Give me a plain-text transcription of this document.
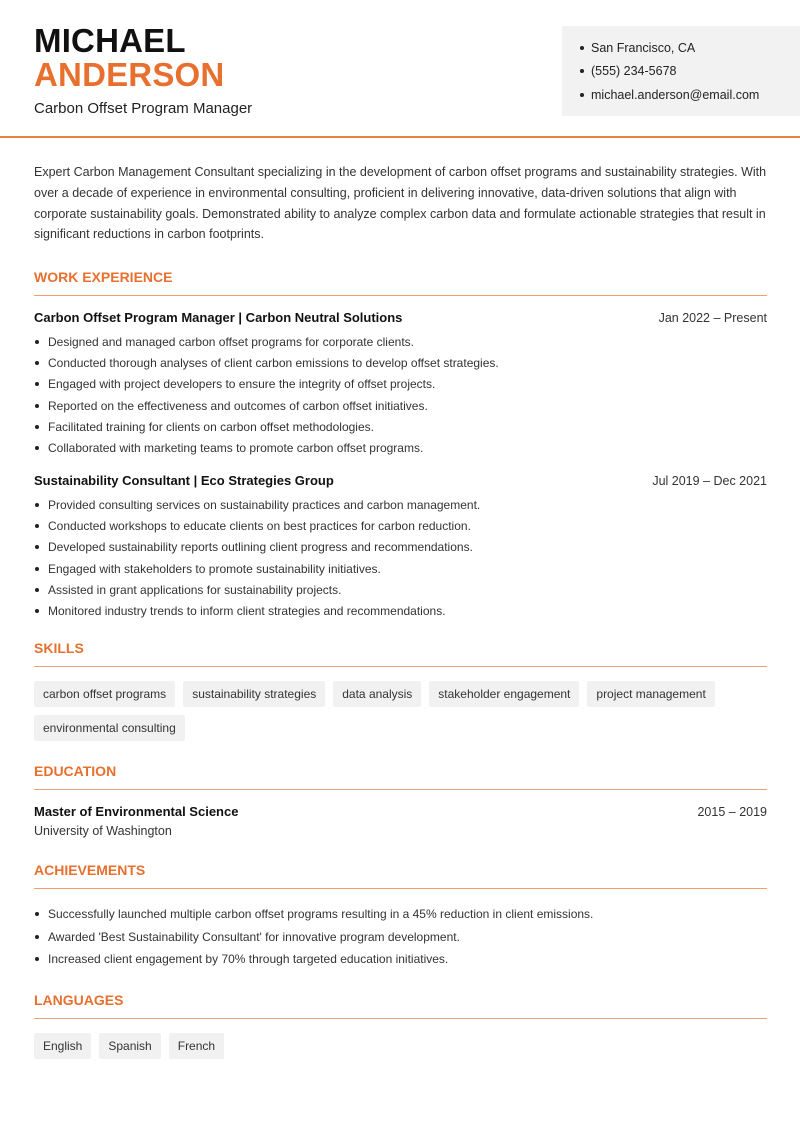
MICHAEL
ANDERSON
Carbon Offset Program Manager
San Francisco, CA
(555) 234-5678
michael.anderson@email.com

Expert Carbon Management Consultant specializing in the development of carbon offset programs and sustainability strategies. With over a decade of experience in environmental consulting, proficient in delivering innovative, data-driven solutions that align with corporate sustainability goals. Demonstrated ability to analyze complex carbon data and formulate actionable strategies that result in significant reductions in carbon footprints.

WORK EXPERIENCE
Carbon Offset Program Manager | Carbon Neutral Solutions	Jan 2022 – Present
Designed and managed carbon offset programs for corporate clients.
Conducted thorough analyses of client carbon emissions to develop offset strategies.
Engaged with project developers to ensure the integrity of offset projects.
Reported on the effectiveness and outcomes of carbon offset initiatives.
Facilitated training for clients on carbon offset methodologies.
Collaborated with marketing teams to promote carbon offset programs.
Sustainability Consultant | Eco Strategies Group	Jul 2019 – Dec 2021
Provided consulting services on sustainability practices and carbon management.
Conducted workshops to educate clients on best practices for carbon reduction.
Developed sustainability reports outlining client progress and recommendations.
Engaged with stakeholders to promote sustainability initiatives.
Assisted in grant applications for sustainability projects.
Monitored industry trends to inform client strategies and recommendations.
SKILLS
carbon offset programs	sustainability strategies	data analysis	stakeholder engagement	project management
environmental consulting
EDUCATION
Master of Environmental Science	2015 – 2019
University of Washington
ACHIEVEMENTS
Successfully launched multiple carbon offset programs resulting in a 45% reduction in client emissions.
Awarded 'Best Sustainability Consultant' for innovative program development.
Increased client engagement by 70% through targeted education initiatives.
LANGUAGES
English	Spanish	French
